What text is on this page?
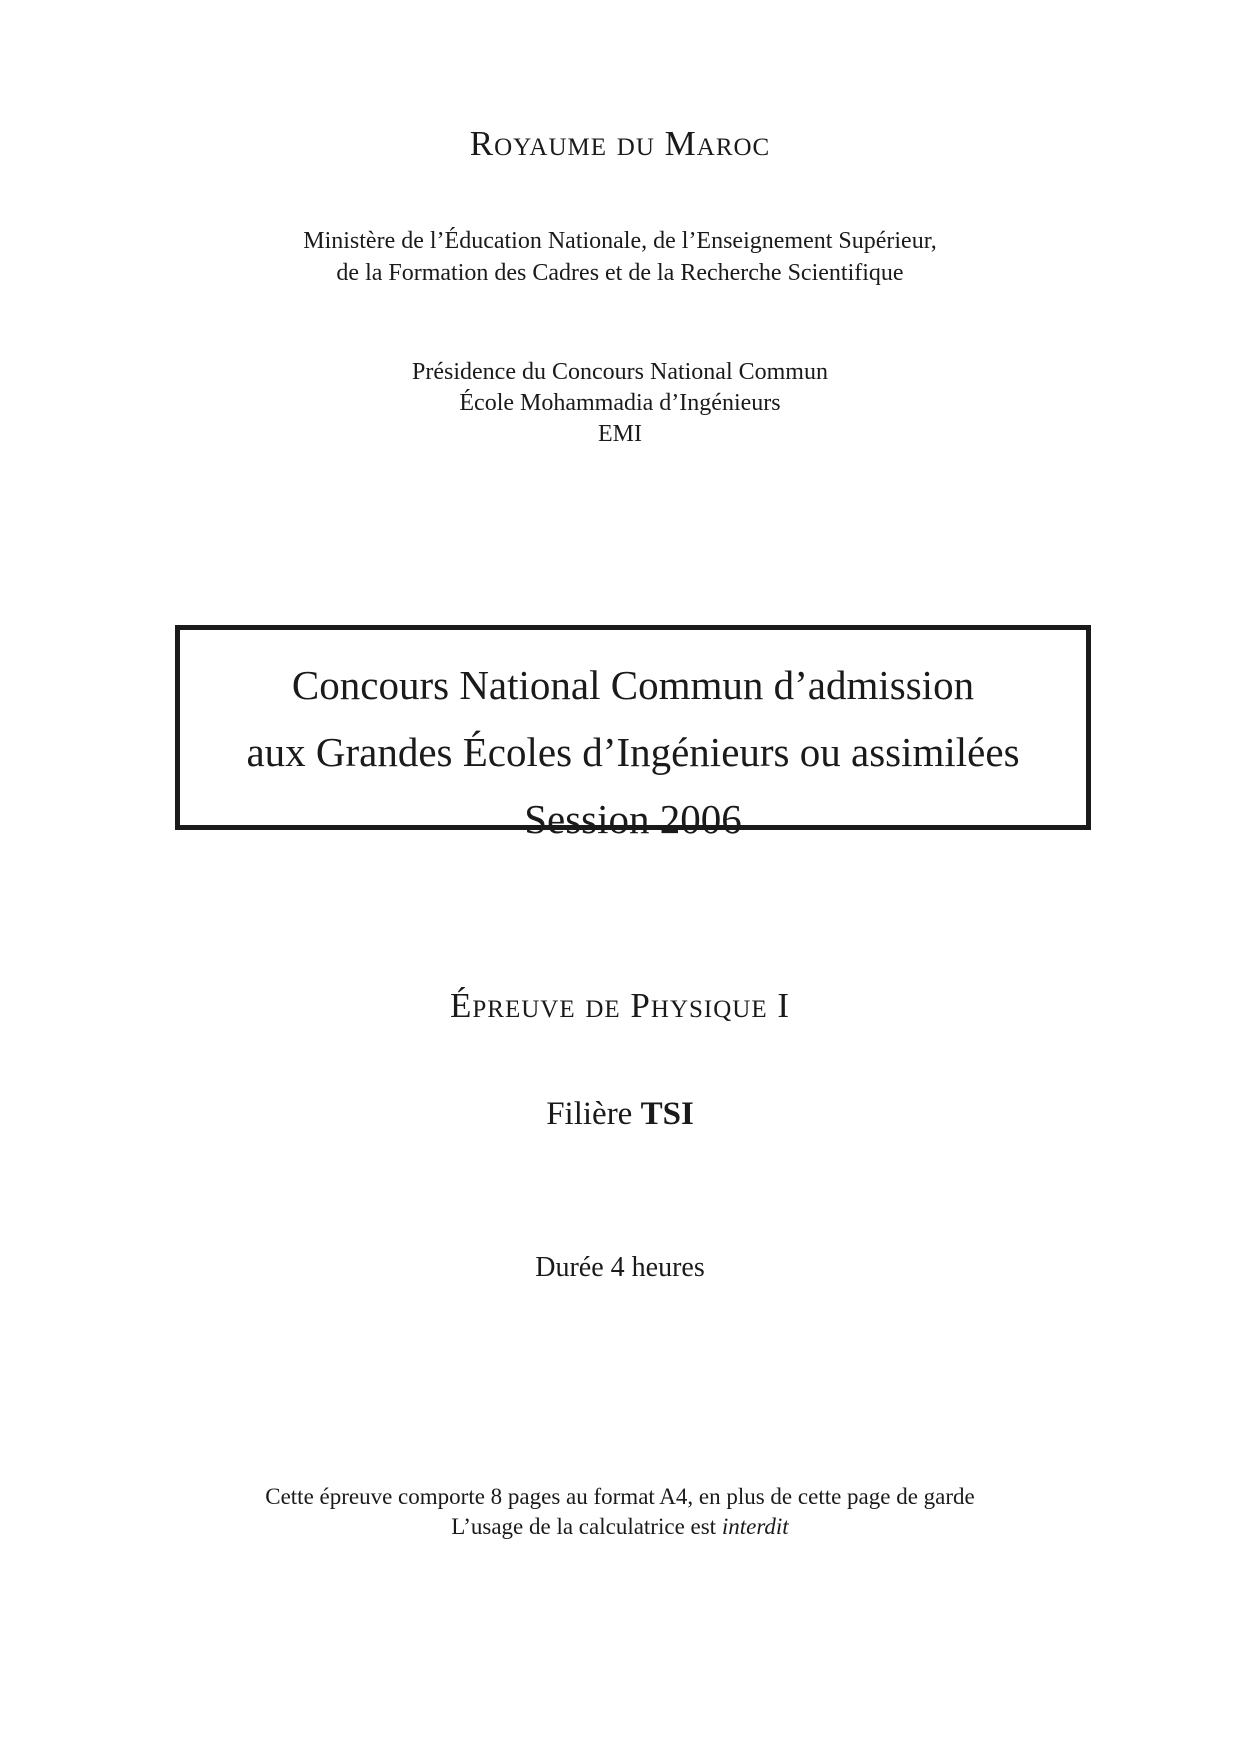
Royaume du Maroc
Ministère de l’Éducation Nationale, de l’Enseignement Supérieur,
de la Formation des Cadres et de la Recherche Scientifique
Présidence du Concours National Commun
École Mohammadia d’Ingénieurs
EMI
Concours National Commun d’admission
aux Grandes Écoles d’Ingénieurs ou assimilées
Session 2006
Épreuve de Physique I
Filière TSI
Durée 4 heures
Cette épreuve comporte 8 pages au format A4, en plus de cette page de garde
L’usage de la calculatrice est interdit
